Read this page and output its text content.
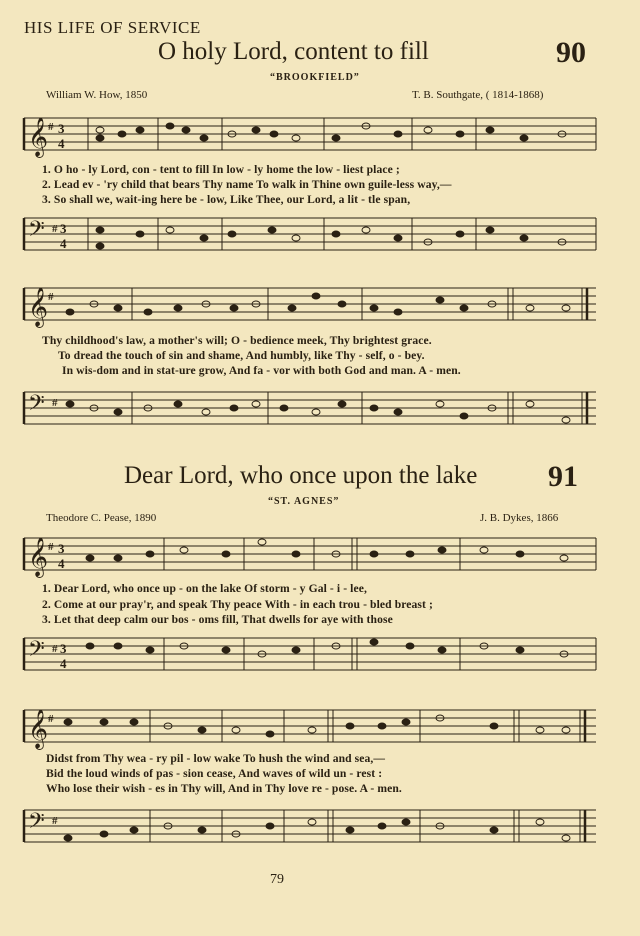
HIS LIFE OF SERVICE
O holy Lord, content to fill	90
“BROOKFIELD”
William W. How, 1850	T. B. Southgate, ( 1814-1868)
𝄞 # 3
4
1. O ho - ly Lord, con - tent to fill In low - ly home the low - liest place ;
2. Lead ev - 'ry child that bears Thy name To walk in Thine own guile-less way,—
3. So shall we, wait-ing here be - low, Like Thee, our Lord, a lit - tle span,
𝄢 # 3
4
𝄞 #
Thy childhood's law, a mother's will; O - bedience meek, Thy brightest grace.
To dread the touch of sin and shame, And humbly, like Thy - self, o - bey.
In wis-dom and in stat-ure grow, And fa - vor with both God and man. A - men.
𝄢 #
Dear Lord, who once upon the lake 91
“ST. AGNES”
Theodore C. Pease, 1890	J. B. Dykes, 1866
𝄞 # 3
4
1. Dear Lord, who once up - on the lake Of storm - y Gal - i - lee,
2. Come at our pray'r, and speak Thy peace With - in each trou - bled breast ;
3. Let that deep calm our bos - oms fill, That dwells for aye with those
𝄢 # 3
4
𝄞 #
Didst from Thy wea - ry pil - low wake To hush the wind and sea,—
Bid the loud winds of pas - sion cease, And waves of wild un - rest :
Who lose their wish - es in Thy will, And in Thy love re - pose. A - men.
𝄢 #
79
